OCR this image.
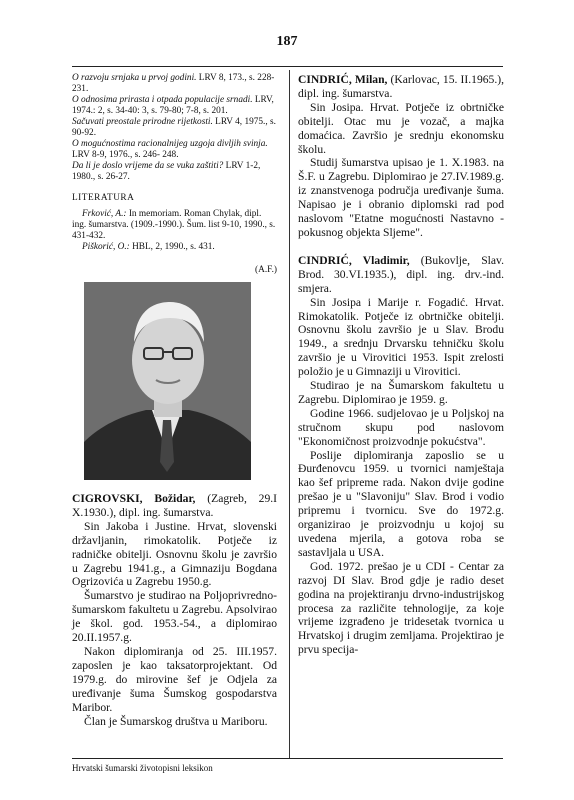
187

O razvoju srnjaka u prvoj godini. LRV 8, 173., s. 228-231.

O odnosima prirasta i otpada populacije srnadi. LRV, 1974.: 2, s. 34-40: 3, s. 79-80; 7-8, s. 201.

Sačuvati preostale prirodne rijetkosti. LRV 4, 1975., s. 90-92.

O mogućnostima racionalnijeg uzgoja divljih svinja. LRV 8-9, 1976., s. 246- 248.

Da li je doslo vrijeme da se vuka zaštiti? LRV 1-2, 1980., s. 26-27.

LITERATURA

Frković, A.: In memoriam. Roman Chylak, dipl. ing. šumarstva. (1909.-1990.). Šum. list 9-10, 1990., s. 431-432.

Piškorić, O.: HBL, 2, 1990., s. 431.

(A.F.)

CIGROVSKI, Božidar, (Zagreb, 29.I X.1930.), dipl. ing. šumarstva.

Sin Jakoba i Justine. Hrvat, slovenski državljanin, rimokatolik. Potječe iz radničke obitelji. Osnovnu školu je završio u Zagrebu 1941.g., a Gimnaziju Bogdana Ogrizovića u Zagrebu 1950.g.

Šumarstvo je studirao na Poljoprivredno-šumarskom fakultetu u Zagrebu. Apsolvirao je škol. god. 1953.-54., a diplomirao 20.II.1957.g.

Nakon diplomiranja od 25. III.1957. zaposlen je kao taksatorprojektant. Od 1979.g. do mirovine šef je Odjela za uređivanje šuma Šumskog gospodarstva Maribor.

Član je Šumarskog društva u Mariboru.

CINDRIĆ, Milan, (Karlovac, 15. II.1965.), dipl. ing. šumarstva.

Sin Josipa. Hrvat. Potječe iz obrtničke obitelji. Otac mu je vozač, a majka domaćica. Završio je srednju ekonomsku školu.

Studij šumarstva upisao je 1. X.1983. na Š.F. u Zagrebu. Diplomirao je 27.IV.1989.g. iz znanstvenoga područja uređivanje šuma. Napisao je i obranio diplomski rad pod naslovom "Etatne mogućnosti Nastavno - pokusnog objekta Sljeme".

CINDRIĆ, Vladimir, (Bukovlje, Slav. Brod. 30.VI.1935.), dipl. ing. drv.-ind. smjera.

Sin Josipa i Marije r. Fogadić. Hrvat. Rimokatolik. Potječe iz obrtničke obitelji. Osnovnu školu završio je u Slav. Brodu 1949., a srednju Drvarsku tehničku školu završio je u Virovitici 1953. Ispit zrelosti položio je u Gimnaziji u Virovitici.

Studirao je na Šumarskom fakultetu u Zagrebu. Diplomirao je 1959. g.

Godine 1966. sudjelovao je u Poljskoj na stručnom skupu pod naslovom "Ekonomičnost proizvodnje pokućstva".

Poslije diplomiranja zaposlio se u Đurđenovcu 1959. u tvornici namještaja kao šef pripreme rada. Nakon dvije godine prešao je u "Slavoniju" Slav. Brod i vodio pripremu i tvornicu. Sve do 1972.g. organizirao je proizvodnju u kojoj su uvedena mjerila, a gotova roba se sastavljala u USA.

God. 1972. prešao je u CDI - Centar za razvoj DI Slav. Brod gdje je radio deset godina na projektiranju drvno-industrijskog procesa za različite tehnologije, za koje vrijeme izgrađeno je tridesetak tvornica u Hrvatskoj i drugim zemljama. Projektirao je prvu specija-

Hrvatski šumarski životopisni leksikon
